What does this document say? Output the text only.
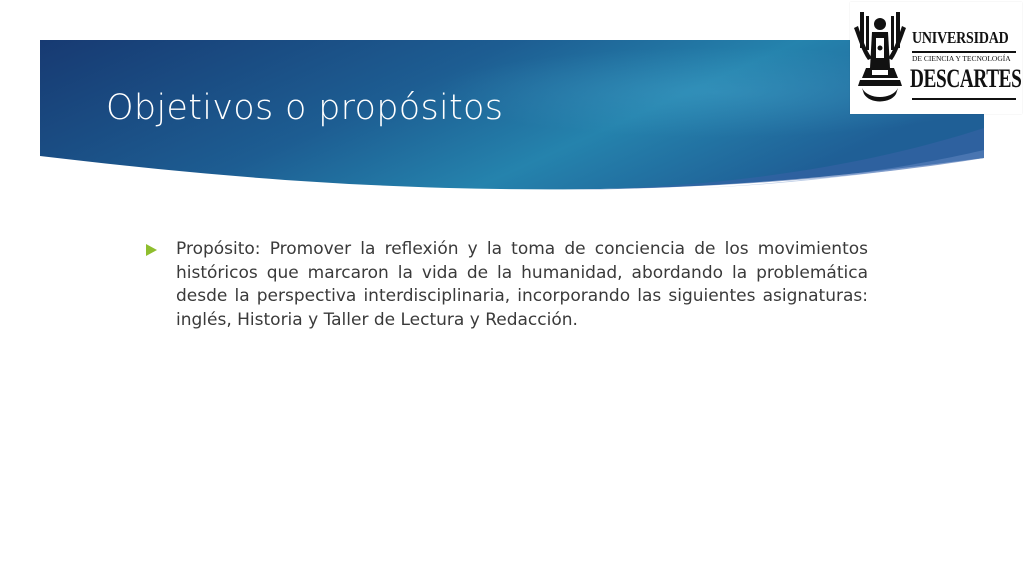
Objetivos o propósitos
UNIVERSIDAD
DE CIENCIA Y TECNOLOGÍA
DESCARTES

Propósito: Promover la reflexión y la toma de conciencia de los movimientos históricos que marcaron la vida de la humanidad, abordando la problemática desde la perspectiva interdisciplinaria, incorporando las siguientes asignaturas: inglés, Historia y Taller de Lectura y Redacción.
